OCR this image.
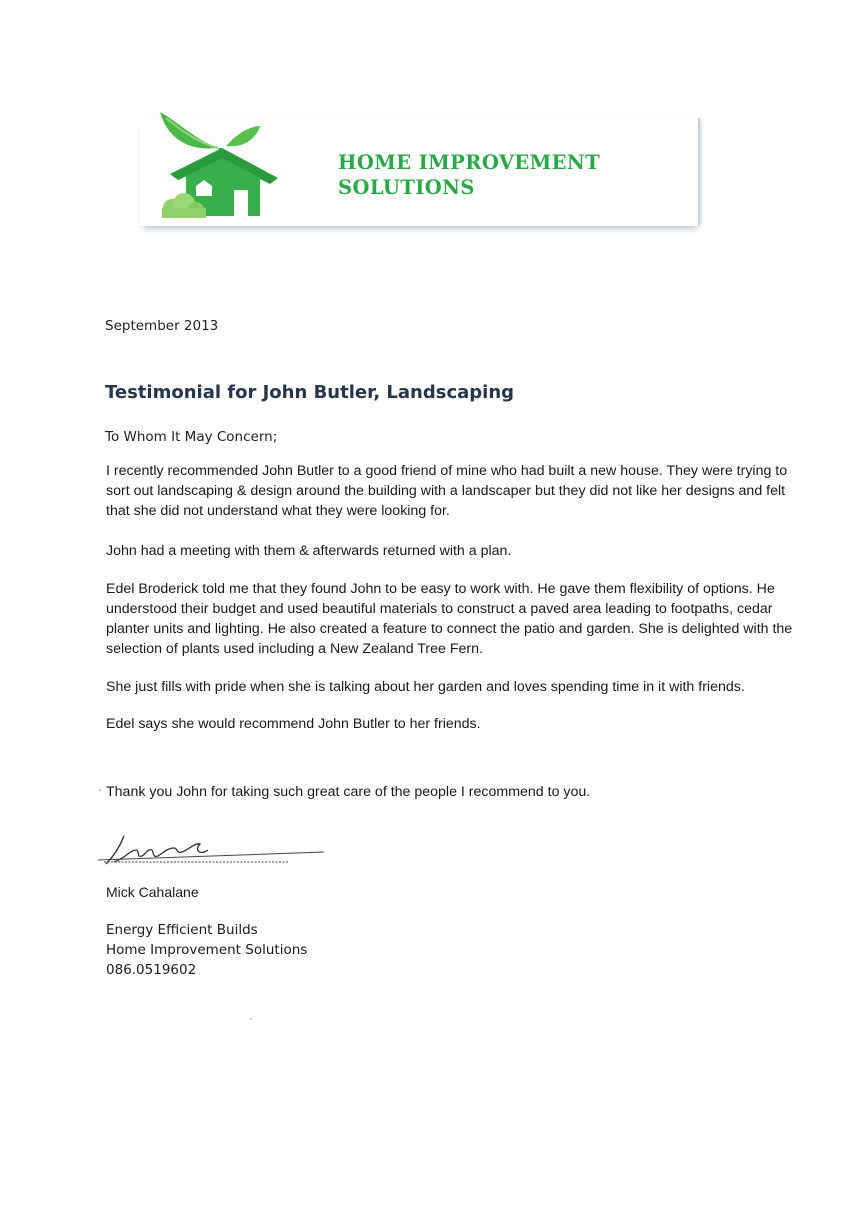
HOME IMPROVEMENT
SOLUTIONS
September 2013
Testimonial for John Butler, Landscaping
To Whom It May Concern;

I recently recommended John Butler to a good friend of mine who had built a new house. They were trying to sort out landscaping & design around the building with a landscaper but they did not like her designs and felt that she did not understand what they were looking for.

John had a meeting with them & afterwards returned with a plan.

Edel Broderick told me that they found John to be easy to work with. He gave them flexibility of options. He understood their budget and used beautiful materials to construct a paved area leading to footpaths, cedar planter units and lighting. He also created a feature to connect the patio and garden. She is delighted with the selection of plants used including a New Zealand Tree Fern.

She just fills with pride when she is talking about her garden and loves spending time in it with friends.

Edel says she would recommend John Butler to her friends.

Thank you John for taking such great care of the people I recommend to you.

Mick Cahalane
Energy Efficient Builds
Home Improvement Solutions
086.0519602
